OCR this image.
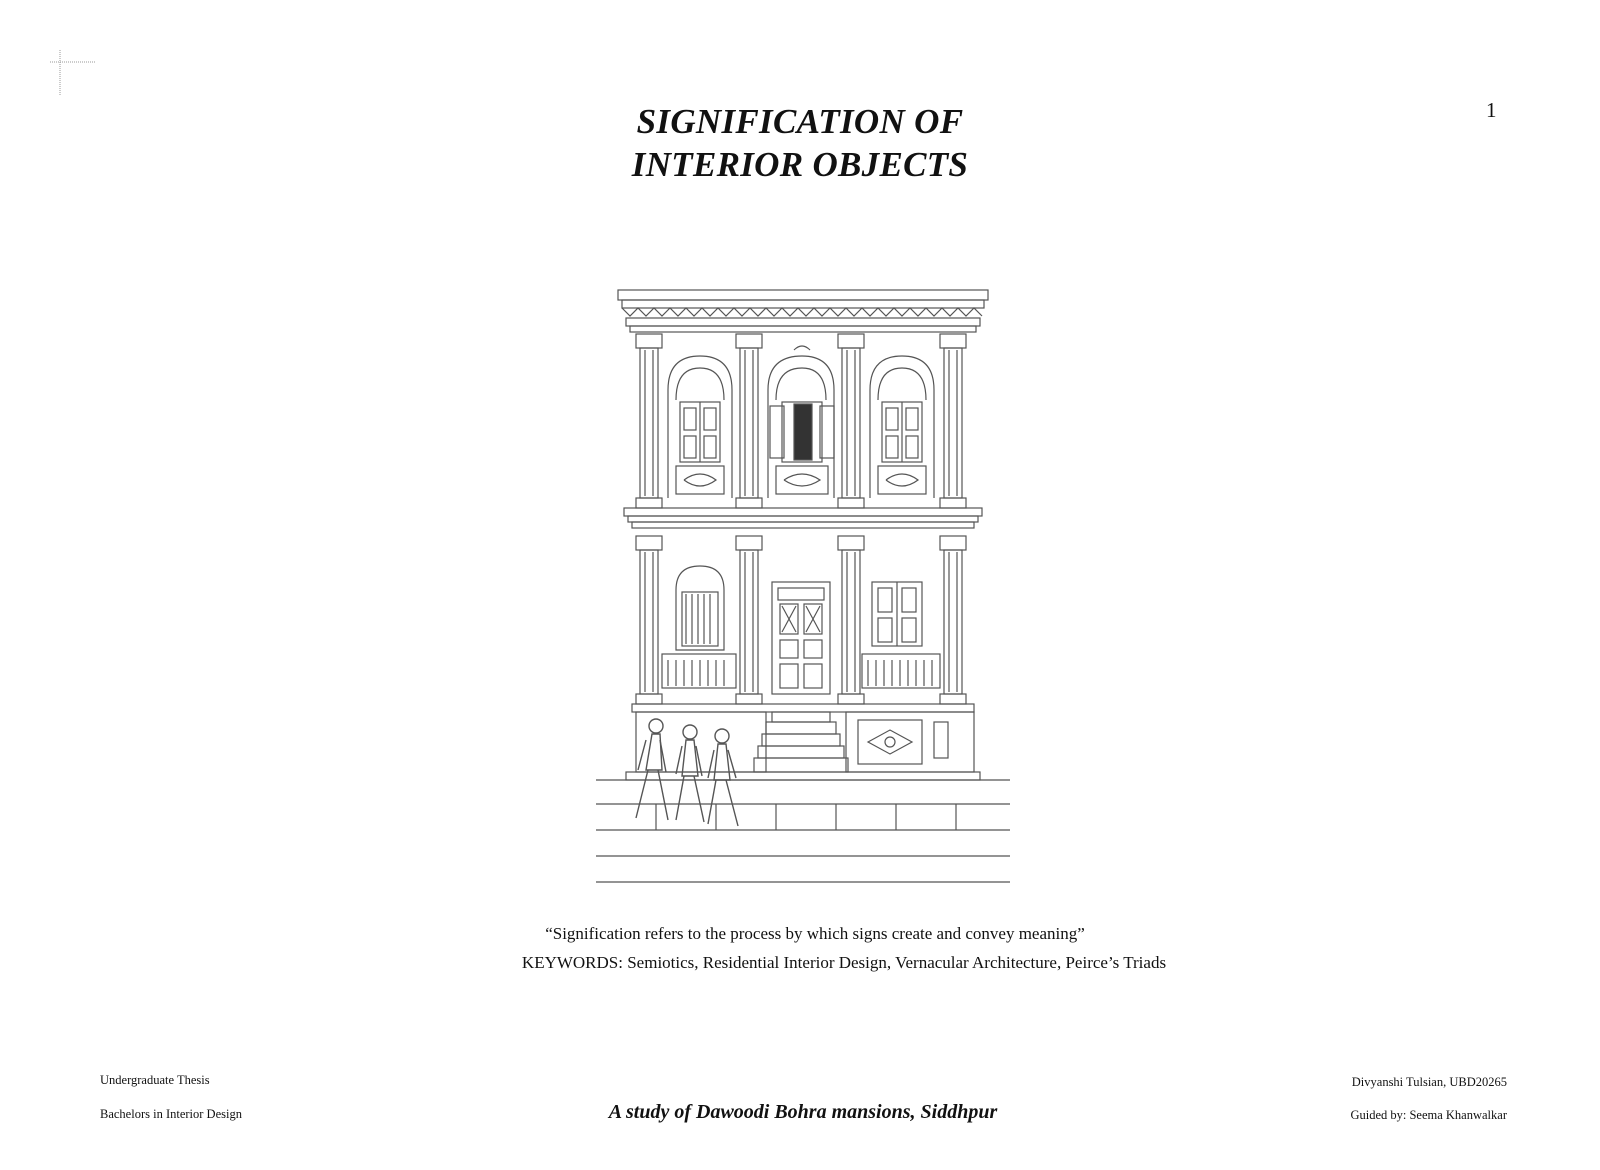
1
SIGNIFICATION OF
INTERIOR OBJECTS
“Signification refers to the process by which signs create and convey meaning”
KEYWORDS: Semiotics, Residential Interior Design, Vernacular Architecture, Peirce’s Triads
Undergraduate Thesis
Bachelors in Interior Design	A study of Dawoodi Bohra mansions, Siddhpur
Divyanshi Tulsian, UBD20265
Guided by: Seema Khanwalkar
